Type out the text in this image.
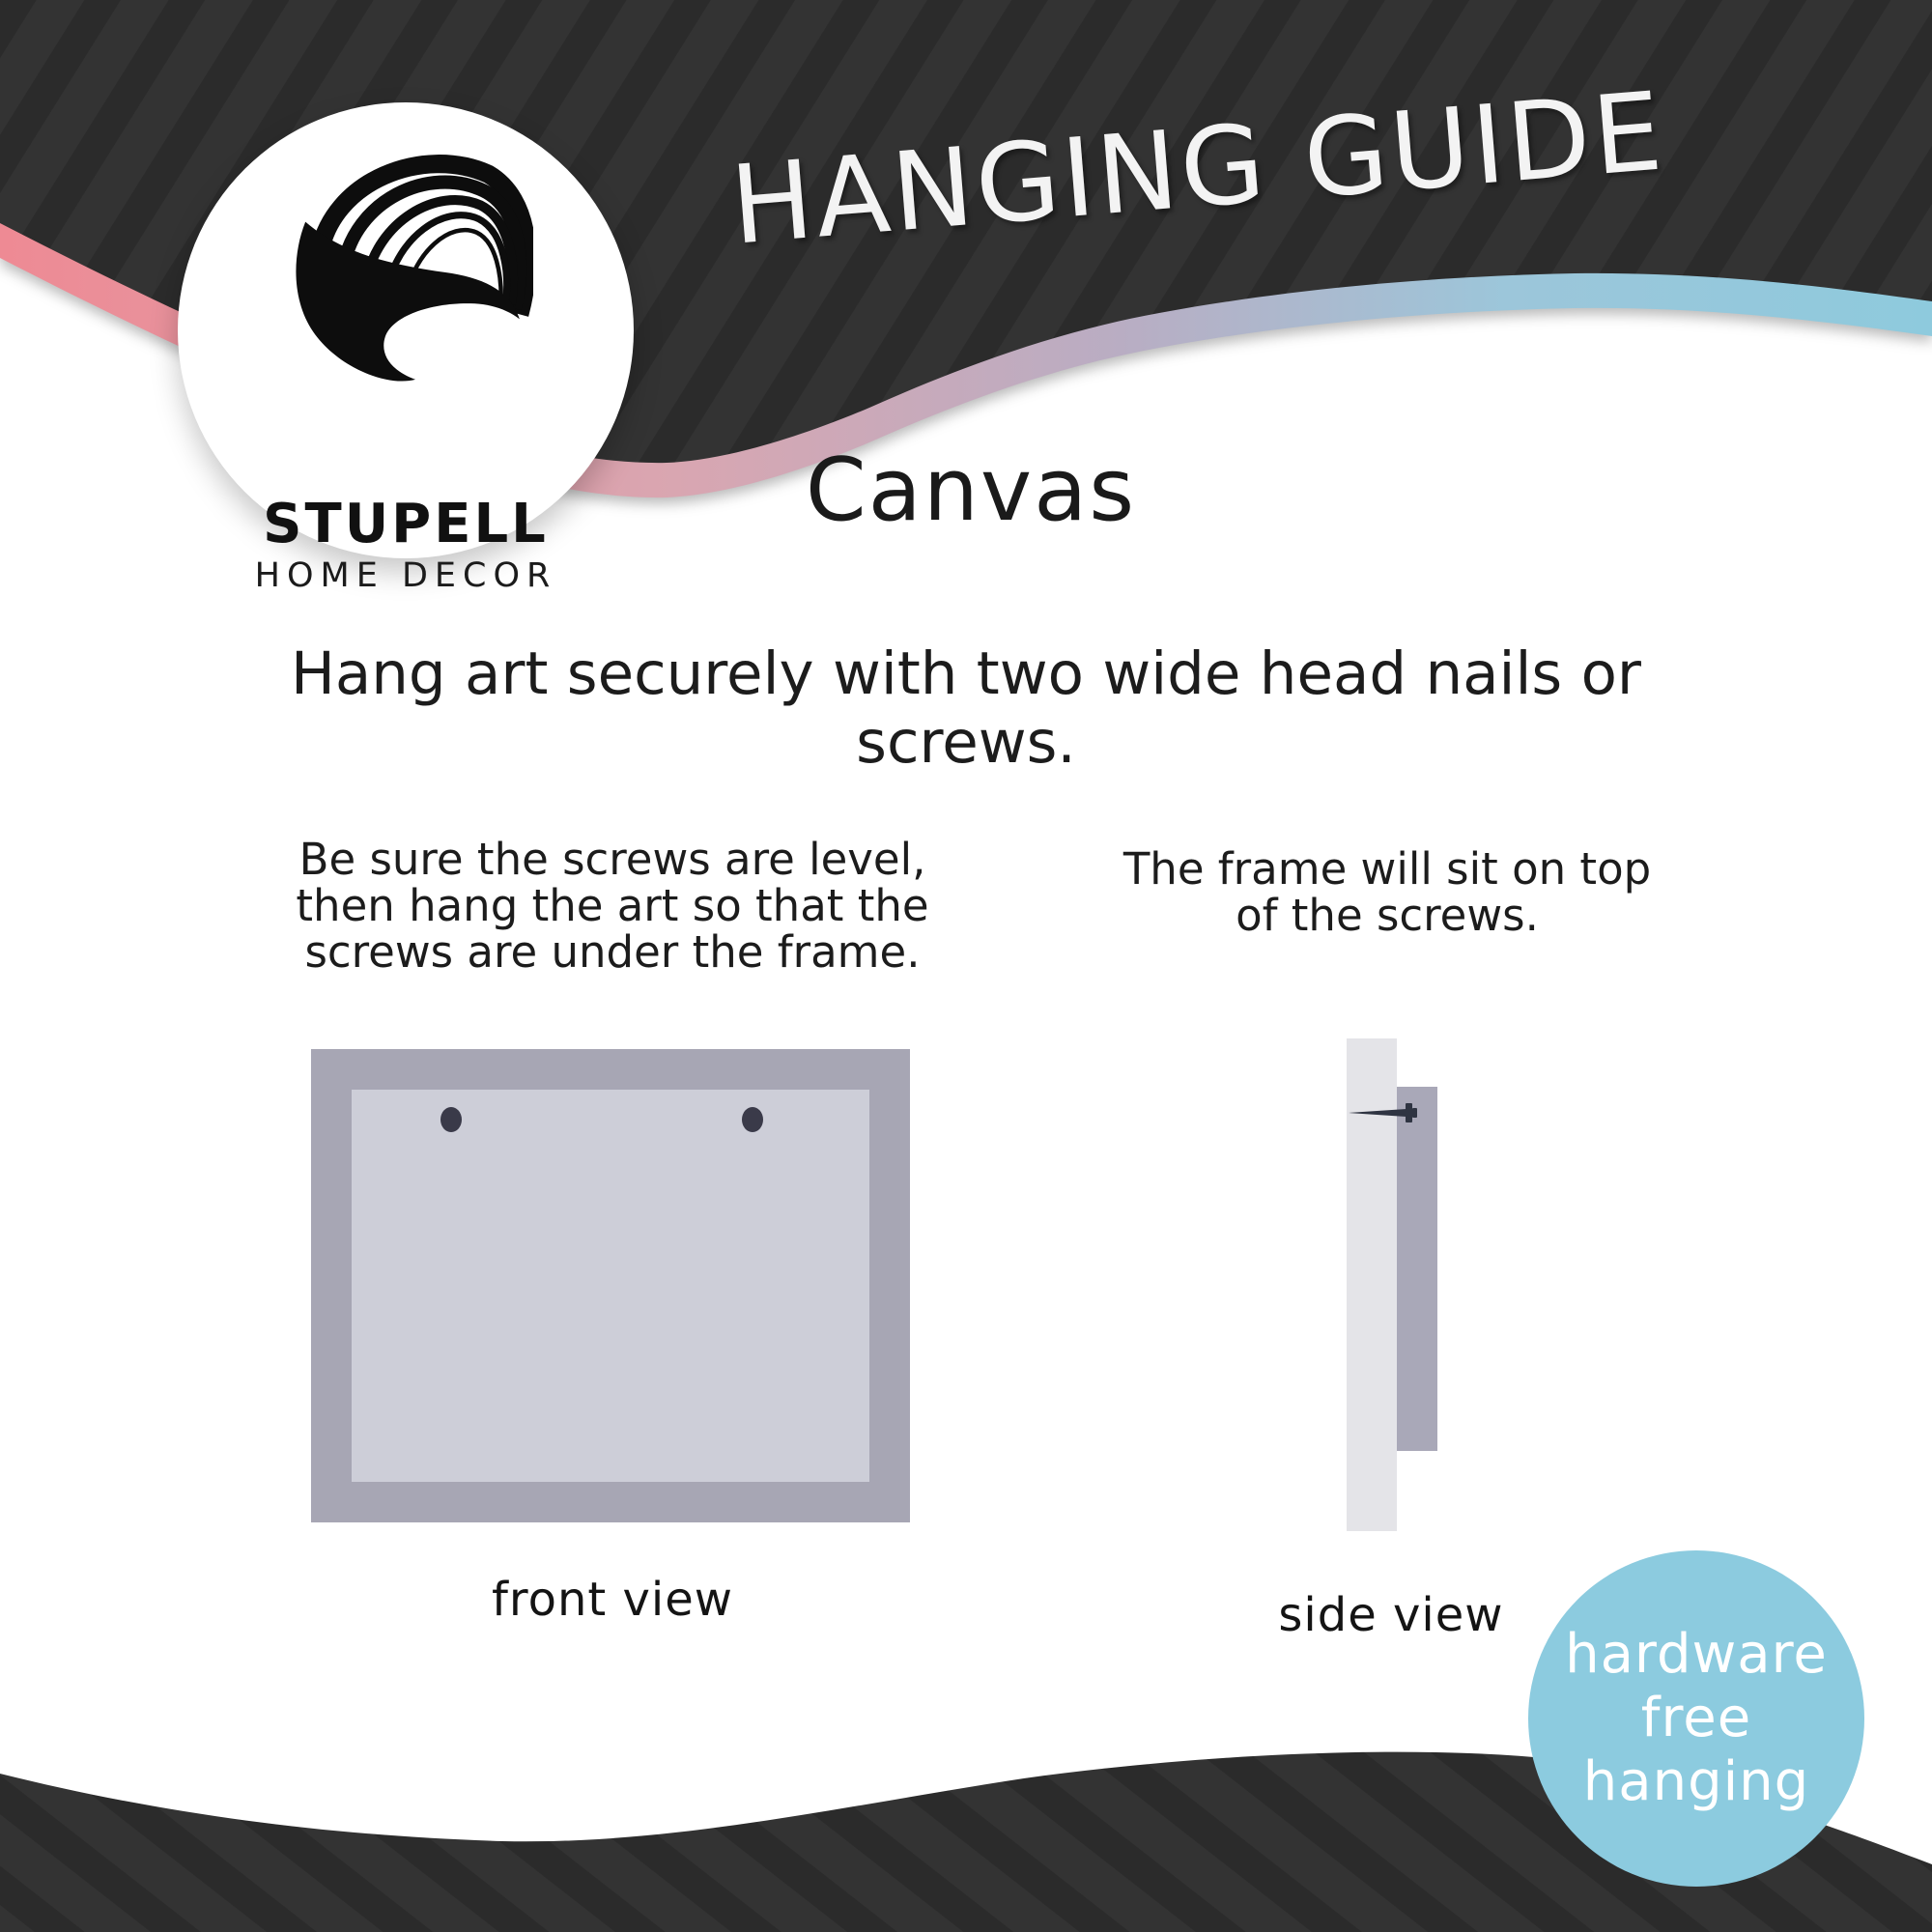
HANGING GUIDE
STUPELL
HOME DECOR
Canvas
Hang art securely with two wide head nails or screws.
Be sure the screws are level,
then hang the art so that the
screws are under the frame.
front view
The frame will sit on top
of the screws.
side view
hardware
free
hanging
